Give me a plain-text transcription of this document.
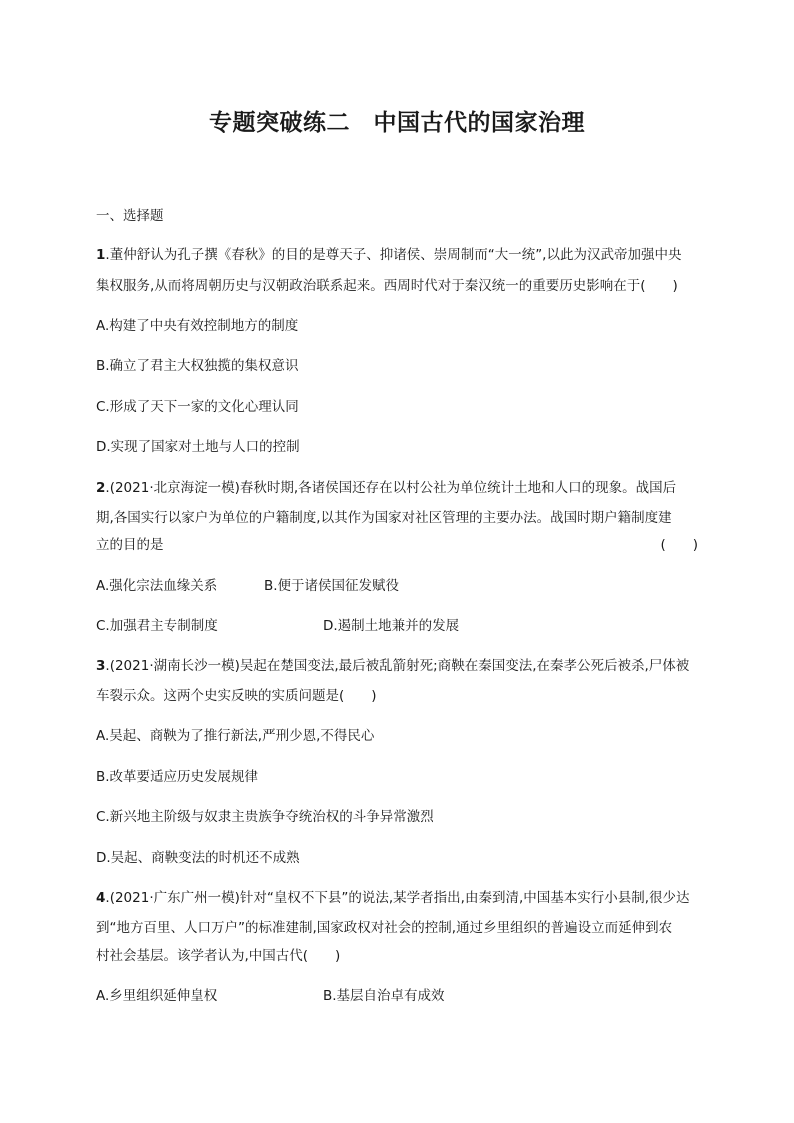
专题突破练二　中国古代的国家治理
一、选择题
1.董仲舒认为孔子撰《春秋》的目的是尊天子、抑诸侯、崇周制而“大一统”,以此为汉武帝加强中央
集权服务,从而将周朝历史与汉朝政治联系起来。西周时代对于秦汉统一的重要历史影响在于(　　)
A.构建了中央有效控制地方的制度
B.确立了君主大权独揽的集权意识
C.形成了天下一家的文化心理认同
D.实现了国家对土地与人口的控制
2.(2021·北京海淀一模)春秋时期,各诸侯国还存在以村公社为单位统计土地和人口的现象。战国后
期,各国实行以家户为单位的户籍制度,以其作为国家对社区管理的主要办法。战国时期户籍制度建
立的目的是	(　　)
A.强化宗法血缘关系	B.便于诸侯国征发赋役
C.加强君主专制制度	D.遏制土地兼并的发展
3.(2021·湖南长沙一模)吴起在楚国变法,最后被乱箭射死;商鞅在秦国变法,在秦孝公死后被杀,尸体被
车裂示众。这两个史实反映的实质问题是(　　)
A.吴起、商鞅为了推行新法,严刑少恩,不得民心
B.改革要适应历史发展规律
C.新兴地主阶级与奴隶主贵族争夺统治权的斗争异常激烈
D.吴起、商鞅变法的时机还不成熟
4.(2021·广东广州一模)针对“皇权不下县”的说法,某学者指出,由秦到清,中国基本实行小县制,很少达
到“地方百里、人口万户”的标准建制,国家政权对社会的控制,通过乡里组织的普遍设立而延伸到农
村社会基层。该学者认为,中国古代(　　)
A.乡里组织延伸皇权	B.基层自治卓有成效
